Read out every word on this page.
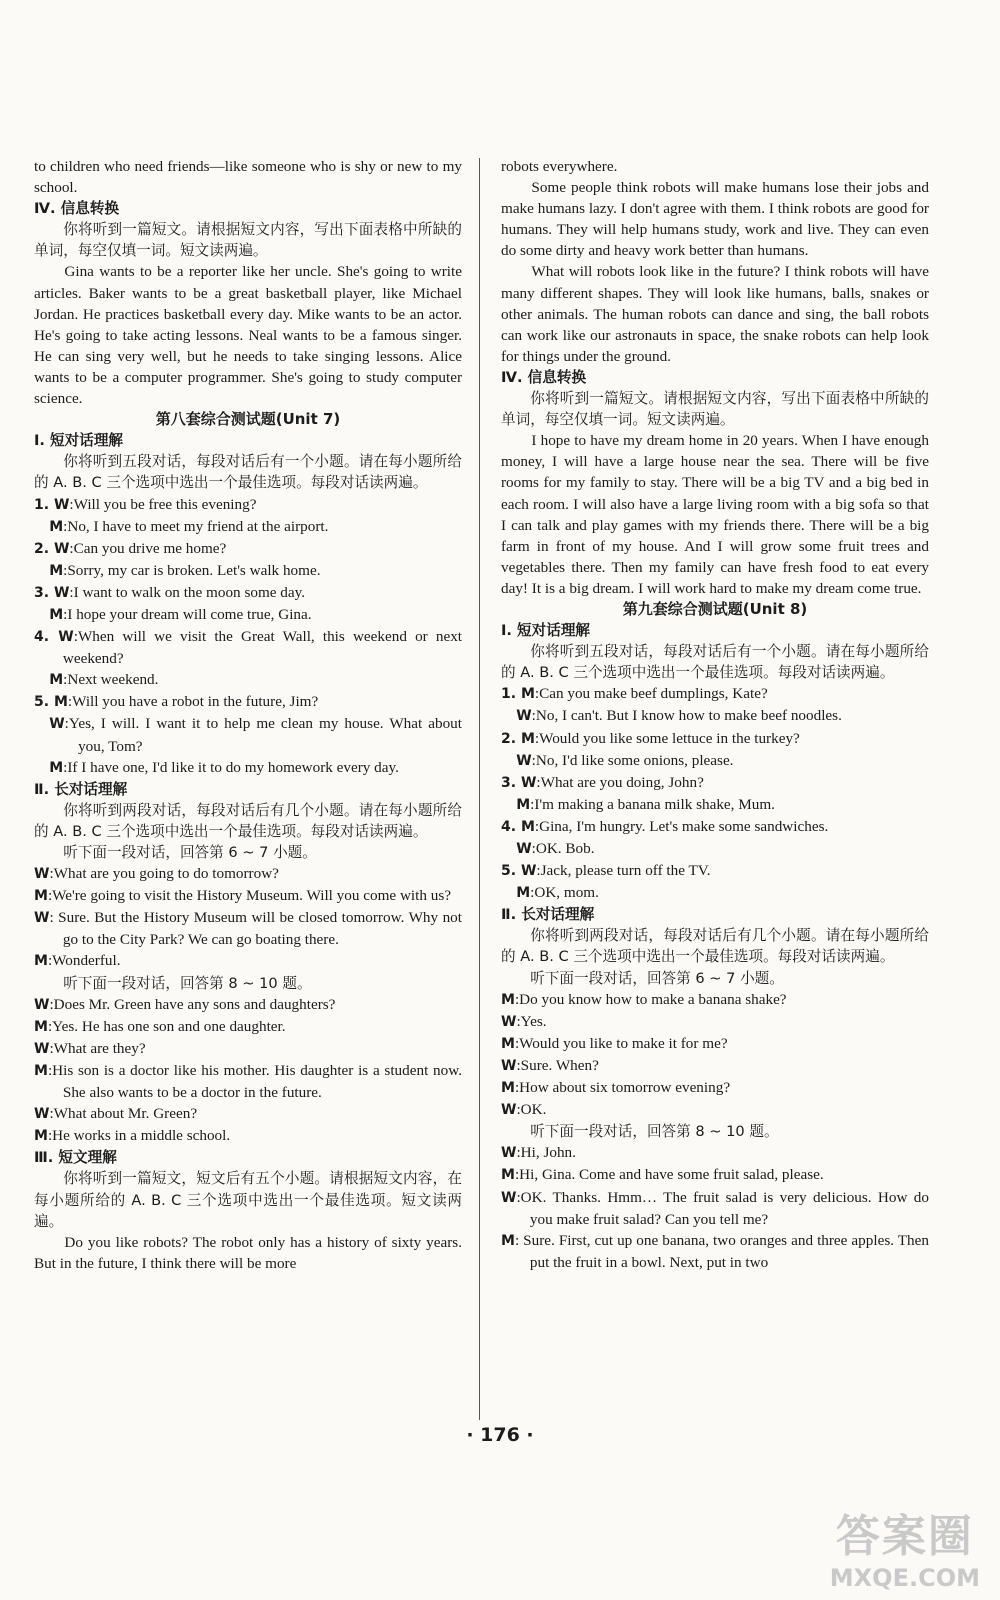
to children who need friends—like someone who is shy or new to my school.

Ⅳ. 信息转换

你将听到一篇短文。请根据短文内容，写出下面表格中所缺的单词，每空仅填一词。短文读两遍。

Gina wants to be a reporter like her uncle. She's going to write articles. Baker wants to be a great basketball player, like Michael Jordan. He practices basketball every day. Mike wants to be an actor. He's going to take acting lessons. Neal wants to be a famous singer. He can sing very well, but he needs to take singing lessons. Alice wants to be a computer programmer. She's going to study computer science.

第八套综合测试题(Unit 7)
Ⅰ. 短对话理解

你将听到五段对话，每段对话后有一个小题。请在每小题所给的 A. B. C 三个选项中选出一个最佳选项。每段对话读两遍。

1. W:Will you be free this evening?
M:No, I have to meet my friend at the airport.
2. W:Can you drive me home?
M:Sorry, my car is broken. Let's walk home.
3. W:I want to walk on the moon some day.
M:I hope your dream will come true, Gina.
4. W:When will we visit the Great Wall, this weekend or next weekend?
M:Next weekend.
5. M:Will you have a robot in the future, Jim?
W:Yes, I will. I want it to help me clean my house. What about you, Tom?
M:If I have one, I'd like it to do my homework every day.
Ⅱ. 长对话理解

你将听到两段对话，每段对话后有几个小题。请在每小题所给的 A. B. C 三个选项中选出一个最佳选项。每段对话读两遍。

听下面一段对话，回答第 6 ~ 7 小题。

W:What are you going to do tomorrow?
M:We're going to visit the History Museum. Will you come with us?
W: Sure. But the History Museum will be closed tomorrow. Why not go to the City Park? We can go boating there.
M:Wonderful.

听下面一段对话，回答第 8 ~ 10 题。

W:Does Mr. Green have any sons and daughters?
M:Yes. He has one son and one daughter.
W:What are they?
M:His son is a doctor like his mother. His daughter is a student now. She also wants to be a doctor in the future.
W:What about Mr. Green?
M:He works in a middle school.
Ⅲ. 短文理解

你将听到一篇短文，短文后有五个小题。请根据短文内容，在每小题所给的 A. B. C 三个选项中选出一个最佳选项。短文读两遍。

Do you like robots? The robot only has a history of sixty years. But in the future, I think there will be more

robots everywhere.

Some people think robots will make humans lose their jobs and make humans lazy. I don't agree with them. I think robots are good for humans. They will help humans study, work and live. They can even do some dirty and heavy work better than humans.

What will robots look like in the future? I think robots will have many different shapes. They will look like humans, balls, snakes or other animals. The human robots can dance and sing, the ball robots can work like our astronauts in space, the snake robots can help look for things under the ground.

Ⅳ. 信息转换

你将听到一篇短文。请根据短文内容，写出下面表格中所缺的单词，每空仅填一词。短文读两遍。

I hope to have my dream home in 20 years. When I have enough money, I will have a large house near the sea. There will be five rooms for my family to stay. There will be a big TV and a big bed in each room. I will also have a large living room with a big sofa so that I can talk and play games with my friends there. There will be a big farm in front of my house. And I will grow some fruit trees and vegetables there. Then my family can have fresh food to eat every day! It is a big dream. I will work hard to make my dream come true.

第九套综合测试题(Unit 8)
Ⅰ. 短对话理解

你将听到五段对话，每段对话后有一个小题。请在每小题所给的 A. B. C 三个选项中选出一个最佳选项。每段对话读两遍。

1. M:Can you make beef dumplings, Kate?
W:No, I can't. But I know how to make beef noodles.
2. M:Would you like some lettuce in the turkey?
W:No, I'd like some onions, please.
3. W:What are you doing, John?
M:I'm making a banana milk shake, Mum.
4. M:Gina, I'm hungry. Let's make some sandwiches.
W:OK. Bob.
5. W:Jack, please turn off the TV.
M:OK, mom.
Ⅱ. 长对话理解

你将听到两段对话，每段对话后有几个小题。请在每小题所给的 A. B. C 三个选项中选出一个最佳选项。每段对话读两遍。

听下面一段对话，回答第 6 ~ 7 小题。

M:Do you know how to make a banana shake?
W:Yes.
M:Would you like to make it for me?
W:Sure. When?
M:How about six tomorrow evening?
W:OK.

听下面一段对话，回答第 8 ~ 10 题。

W:Hi, John.
M:Hi, Gina. Come and have some fruit salad, please.
W:OK. Thanks. Hmm… The fruit salad is very delicious. How do you make fruit salad? Can you tell me?
M: Sure. First, cut up one banana, two oranges and three apples. Then put the fruit in a bowl. Next, put in two
· 176 ·
答案圈
MXQE.COM
